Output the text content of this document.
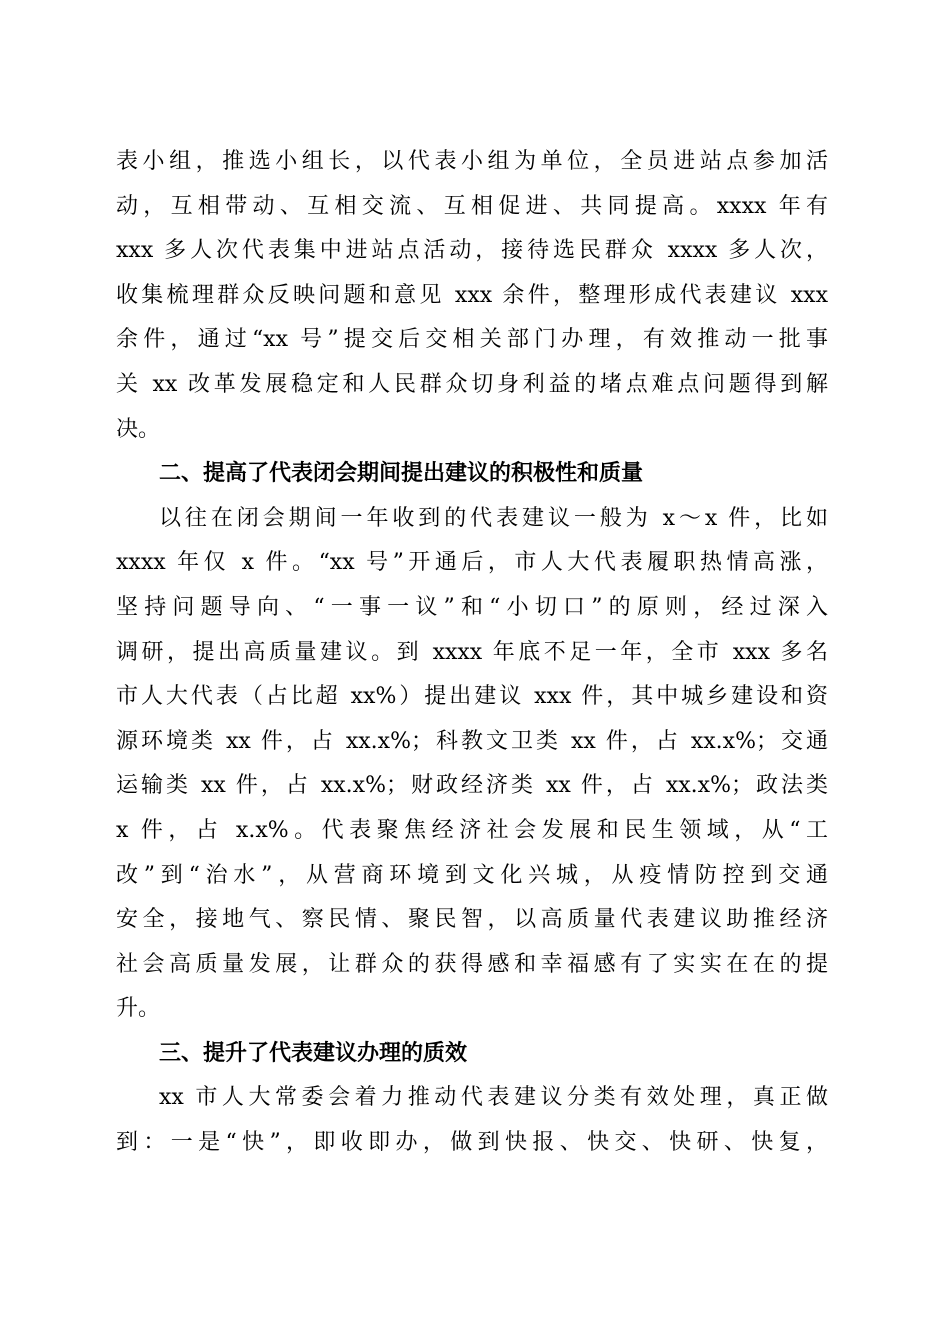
表小组，推选小组长，以代表小组为单位，全员进站点参加活
动，互相带动、互相交流、互相促进、共同提高。xxxx 年有
xxx 多人次代表集中进站点活动，接待选民群众 xxxx 多人次，
收集梳理群众反映问题和意见 xxx 余件，整理形成代表建议 xxx
余件，通过“xx 号”提交后交相关部门办理，有效推动一批事
关 xx 改革发展稳定和人民群众切身利益的堵点难点问题得到解
决。
二、提高了代表闭会期间提出建议的积极性和质量
以往在闭会期间一年收到的代表建议一般为 x～x 件，比如
xxxx 年仅 x 件。“xx 号”开通后，市人大代表履职热情高涨，
坚持问题导向、“一事一议”和“小切口”的原则，经过深入
调研，提出高质量建议。到 xxxx 年底不足一年，全市 xxx 多名
市人大代表（占比超 xx%）提出建议 xxx 件，其中城乡建设和资
源环境类 xx 件，占 xx.x%；科教文卫类 xx 件，占 xx.x%；交通
运输类 xx 件，占 xx.x%；财政经济类 xx 件，占 xx.x%；政法类
x 件，占 x.x%。代表聚焦经济社会发展和民生领域，从“工
改”到“治水”，从营商环境到文化兴城，从疫情防控到交通
安全，接地气、察民情、聚民智，以高质量代表建议助推经济
社会高质量发展，让群众的获得感和幸福感有了实实在在的提
升。
三、提升了代表建议办理的质效
xx 市人大常委会着力推动代表建议分类有效处理，真正做
到：一是“快”，即收即办，做到快报、快交、快研、快复，
